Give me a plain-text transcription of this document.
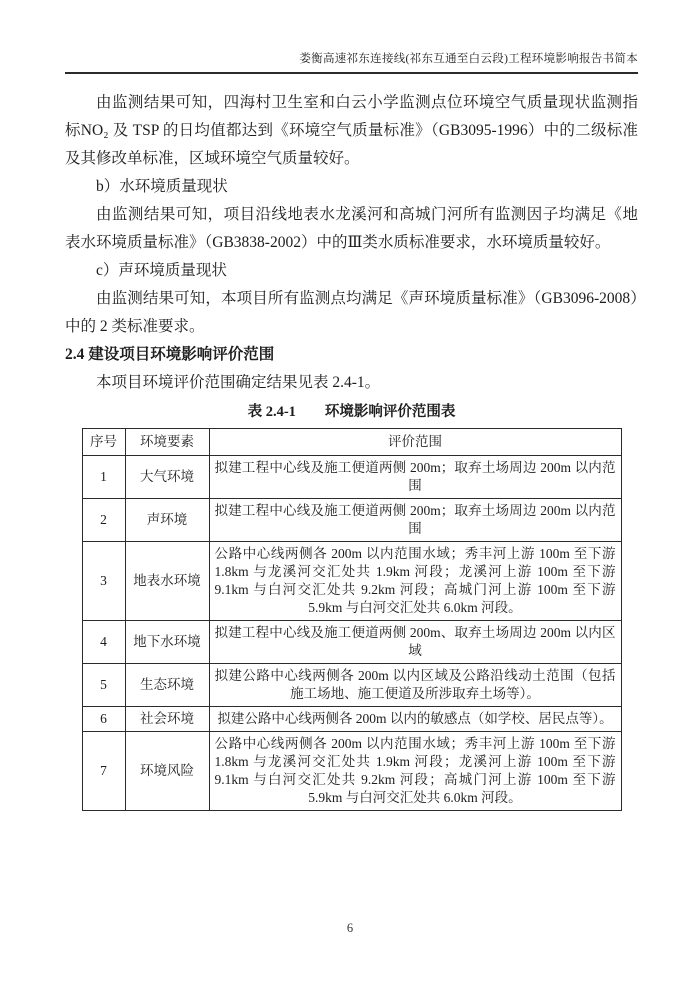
娄衡高速祁东连接线(祁东互通至白云段)工程环境影响报告书简本

由监测结果可知，四海村卫生室和白云小学监测点位环境空气质量现状监测指标NO₂ 及 TSP 的日均值都达到《环境空气质量标准》（GB3095-1996）中的二级标准及其修改单标准，区域环境空气质量较好。

b）水环境质量现状

由监测结果可知，项目沿线地表水龙溪河和高城门河所有监测因子均满足《地表水环境质量标准》（GB3838-2002）中的Ⅲ类水质标准要求，水环境质量较好。

c）声环境质量现状

由监测结果可知，本项目所有监测点均满足《声环境质量标准》（GB3096-2008）中的 2 类标准要求。

2.4 建设项目环境影响评价范围

本项目环境评价范围确定结果见表 2.4-1。

表 2.4-1 环境影响评价范围表
序号	环境要素	评价范围
1	大气环境	拟建工程中心线及施工便道两侧 200m；取弃土场周边 200m 以内范围
2	声环境	拟建工程中心线及施工便道两侧 200m；取弃土场周边 200m 以内范围
3	地表水环境	公路中心线两侧各 200m 以内范围水域；秀丰河上游 100m 至下游 1.8km 与龙溪河交汇处共 1.9km 河段；龙溪河上游 100m 至下游 9.1km 与白河交汇处共 9.2km 河段；高城门河上游 100m 至下游 5.9km 与白河交汇处共 6.0km 河段。
4	地下水环境	拟建工程中心线及施工便道两侧 200m、取弃土场周边 200m 以内区域
5	生态环境	拟建公路中心线两侧各 200m 以内区域及公路沿线动土范围（包括施工场地、施工便道及所涉取弃土场等）。
6	社会环境	拟建公路中心线两侧各 200m 以内的敏感点（如学校、居民点等）。
7	环境风险	公路中心线两侧各 200m 以内范围水域；秀丰河上游 100m 至下游 1.8km 与龙溪河交汇处共 1.9km 河段；龙溪河上游 100m 至下游 9.1km 与白河交汇处共 9.2km 河段；高城门河上游 100m 至下游 5.9km 与白河交汇处共 6.0km 河段。
6
